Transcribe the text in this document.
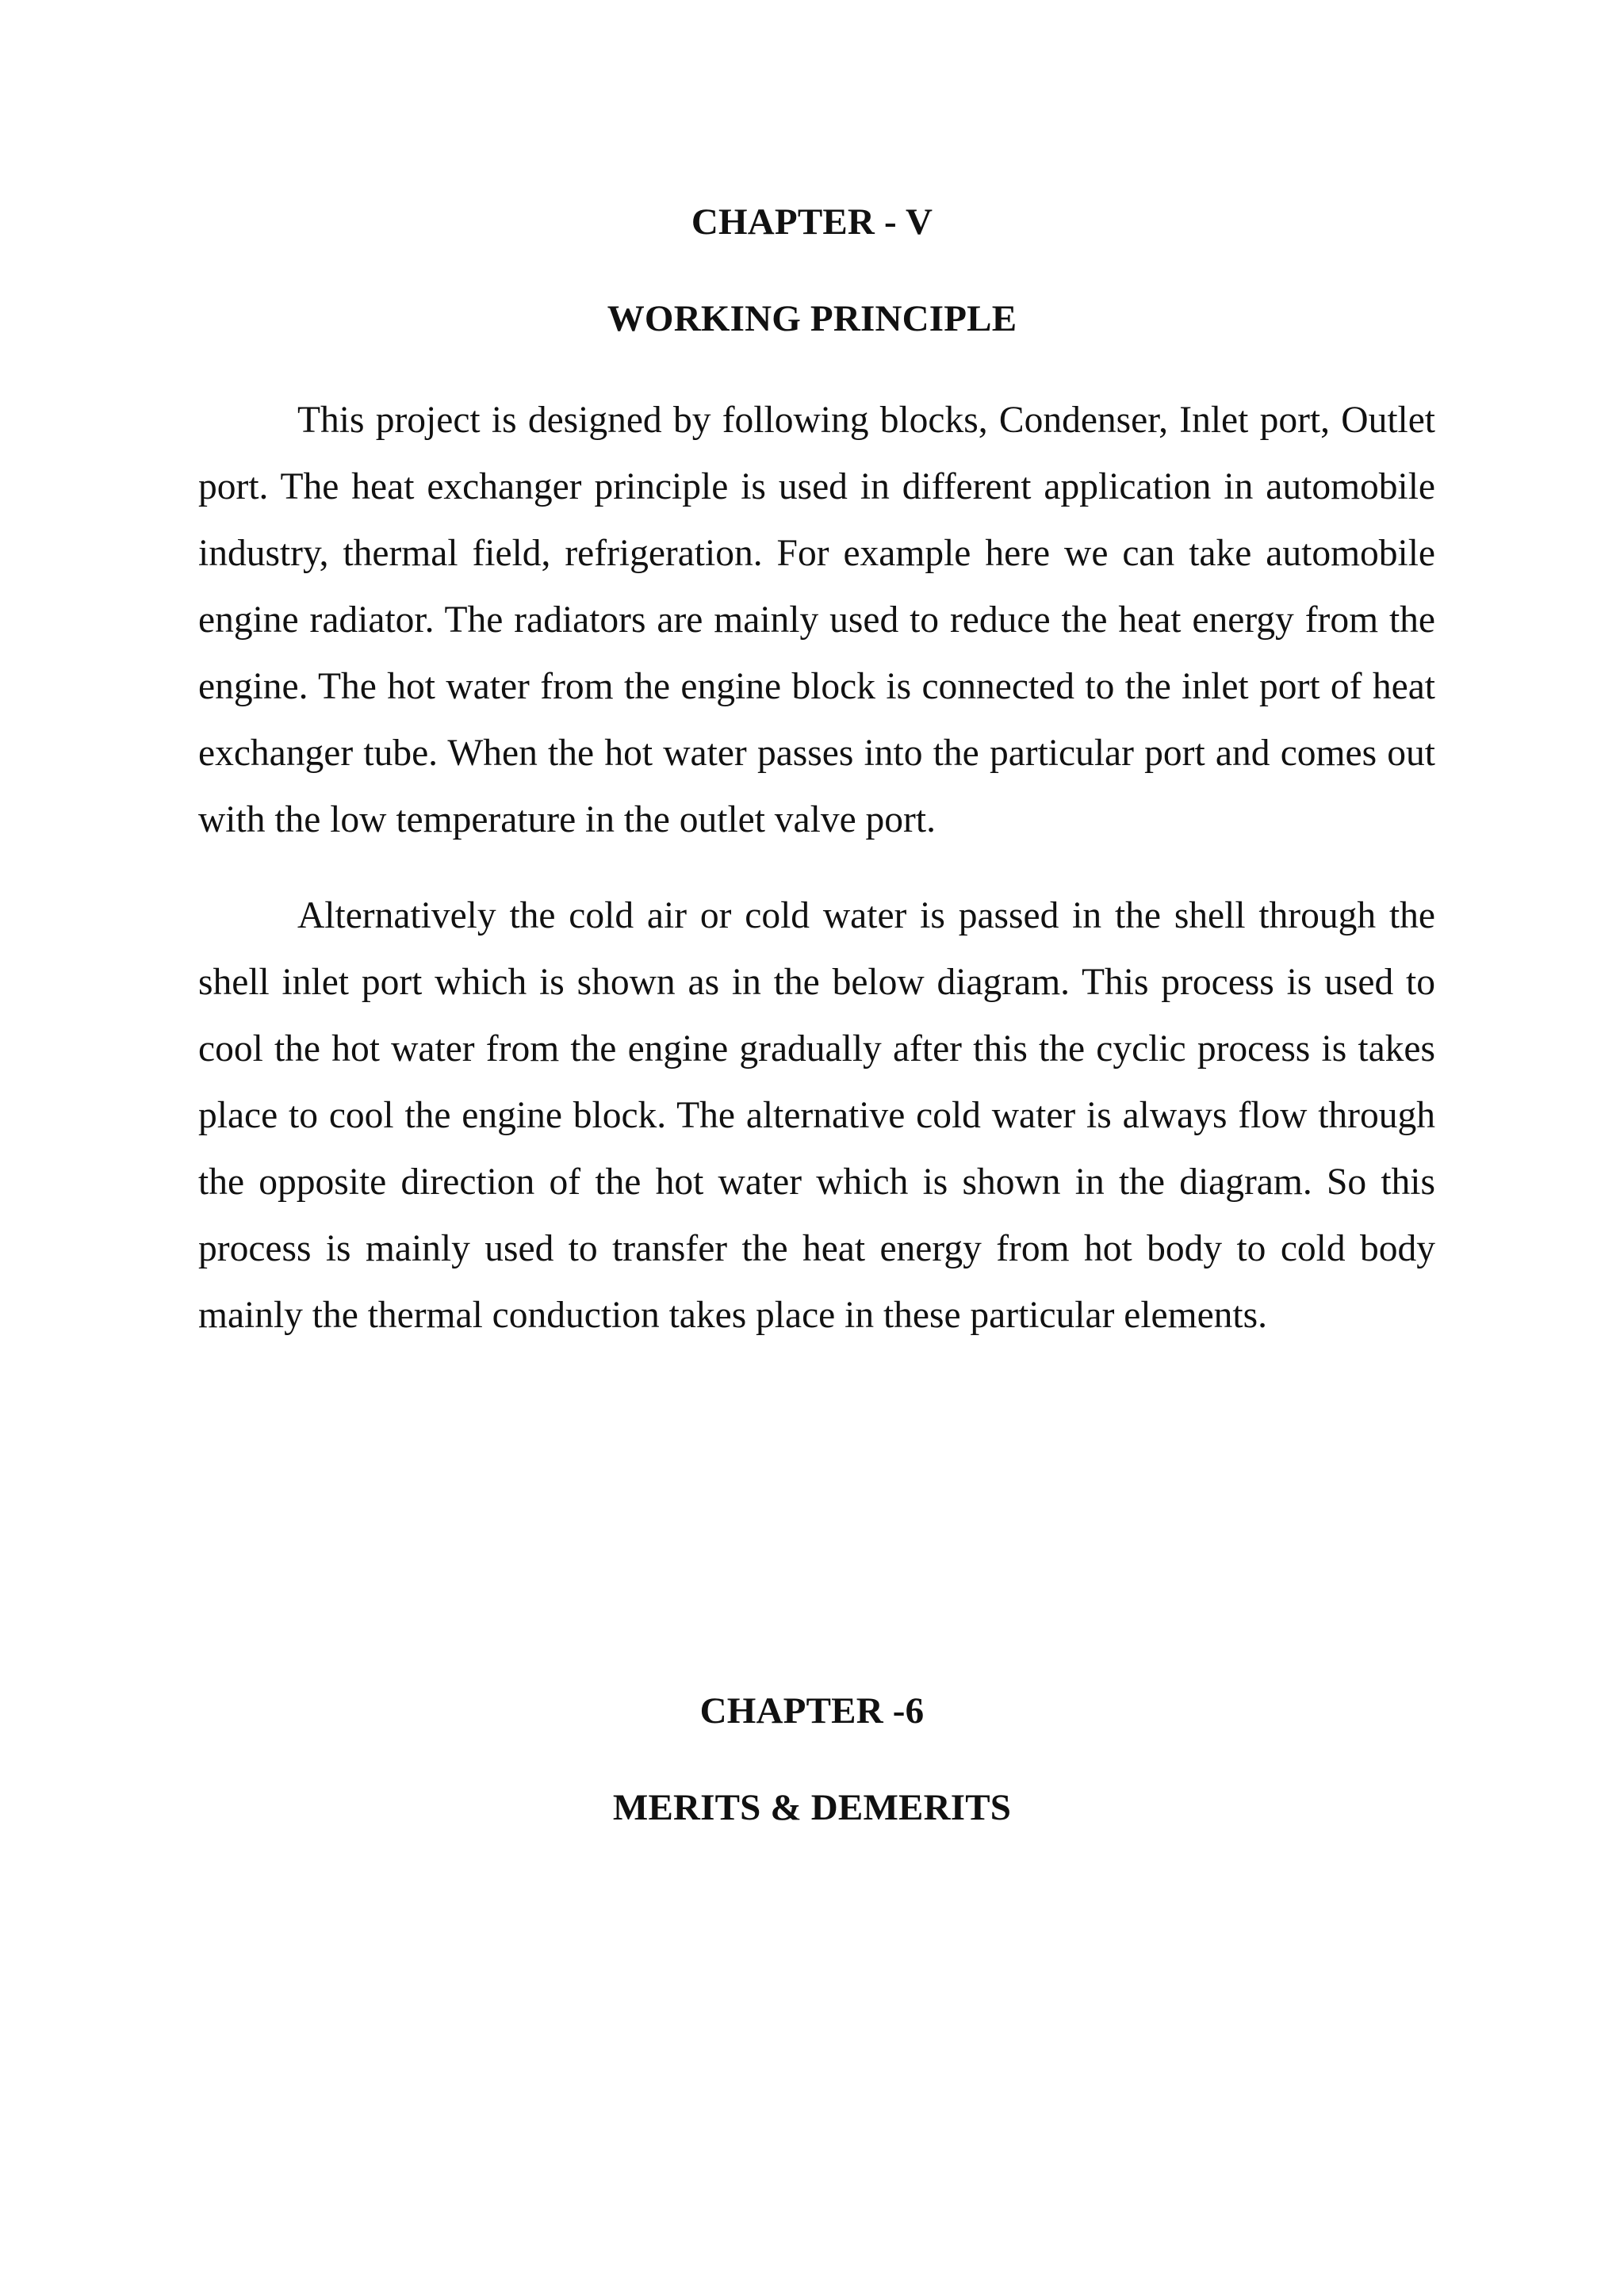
CHAPTER - V
WORKING PRINCIPLE

This project is designed by following blocks, Condenser, Inlet port, Outlet port. The heat exchanger principle is used in different application in automobile industry, thermal field, refrigeration. For example here we can take automobile engine radiator. The radiators are mainly used to reduce the heat energy from the engine. The hot water from the engine block is connected to the inlet port of heat exchanger tube. When the hot water passes into the particular port and comes out with the low temperature in the outlet valve port.

Alternatively the cold air or cold water is passed in the shell through the shell inlet port which is shown as in the below diagram. This process is used to cool the hot water from the engine gradually after this the cyclic process is takes place to cool the engine block. The alternative cold water is always flow through the opposite direction of the hot water which is shown in the diagram. So this process is mainly used to transfer the heat energy from hot body to cold body mainly the thermal conduction takes place in these particular elements.

CHAPTER -6
MERITS & DEMERITS
